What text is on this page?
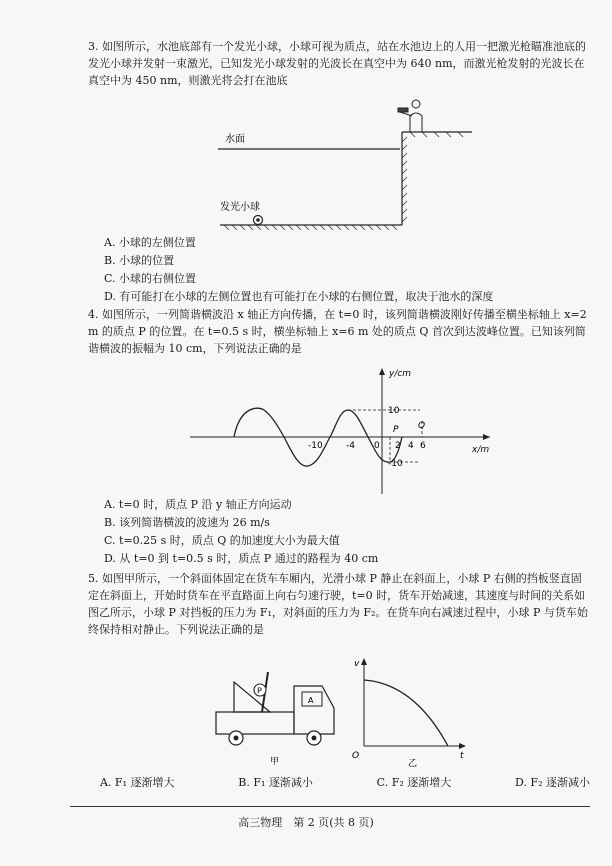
3. 如图所示，水池底部有一个发光小球，小球可视为质点，站在水池边上的人用一把激光枪瞄准池底的发光小球并发射一束激光，已知发光小球发射的光波长在真空中为 640 nm，而激光枪发射的光波长在真空中为 450 nm，则激光将会打在池底

水面
发光小球
A. 小球的左侧位置
B. 小球的位置
C. 小球的右侧位置
D. 有可能打在小球的左侧位置也有可能打在小球的右侧位置，取决于池水的深度

4. 如图所示，一列简谐横波沿 x 轴正方向传播，在 t=0 时，该列简谐横波刚好传播至横坐标轴上 x=2 m 的质点 P 的位置。在 t=0.5 s 时，横坐标轴上 x=6 m 处的质点 Q 首次到达波峰位置。已知该列简谐横波的振幅为 10 cm，下列说法正确的是

y/cm
x/m
10
-10
-10	-4 0 2 4 6
P Q
A. t=0 时，质点 P 沿 y 轴正方向运动
B. 该列简谐横波的波速为 26 m/s
C. t=0.25 s 时，质点 Q 的加速度大小为最大值
D. 从 t=0 到 t=0.5 s 时，质点 P 通过的路程为 40 cm

5. 如图甲所示，一个斜面体固定在货车车厢内，光滑小球 P 静止在斜面上，小球 P 右侧的挡板竖直固定在斜面上，开始时货车在平直路面上向右匀速行驶，t=0 时，货车开始减速，其速度与时间的关系如图乙所示，小球 P 对挡板的压力为 F₁，对斜面的压力为 F₂。在货车向右减速过程中，小球 P 与货车始终保持相对静止。下列说法正确的是

P
A
甲
v
t
O
乙
A. F₁ 逐渐增大	B. F₁ 逐渐减小	C. F₂ 逐渐增大	D. F₂ 逐渐减小
高三物理　第 2 页(共 8 页)
